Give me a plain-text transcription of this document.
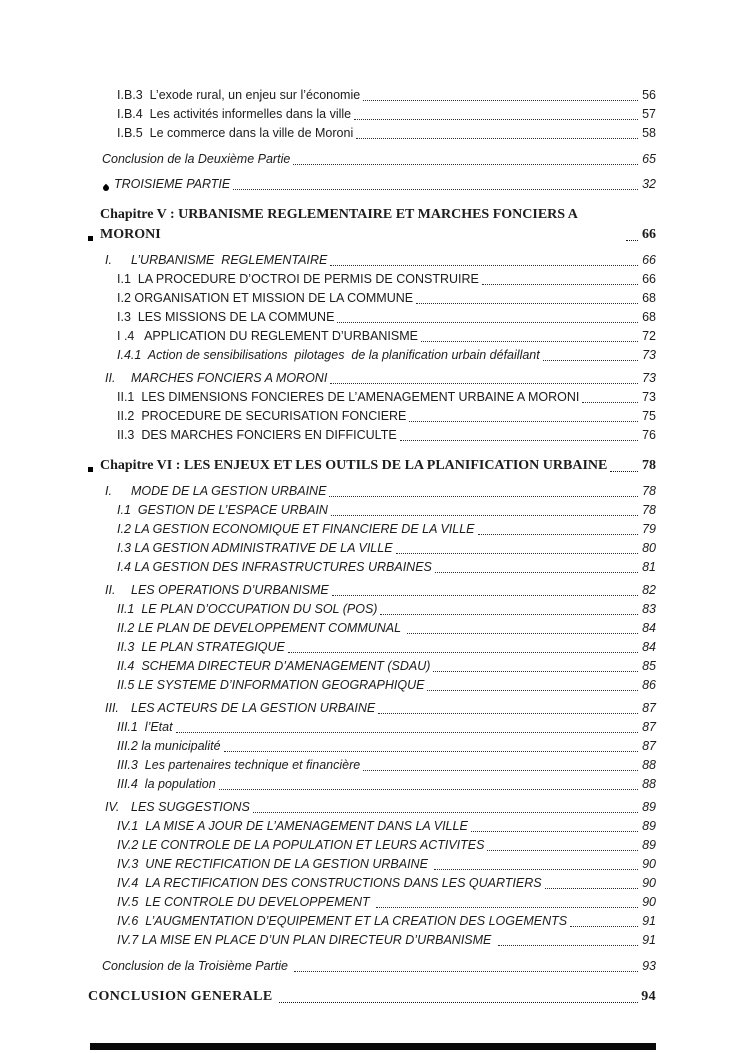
I.B.3  L’exode rural, un enjeu sur l’économie	56
I.B.4  Les activités informelles dans la ville	57
I.B.5  Le commerce dans la ville de Moroni	58
Conclusion de la Deuxième Partie	65
TROISIEME PARTIE	32
Chapitre V : URBANISME REGLEMENTAIRE ET MARCHES FONCIERS A MORONI	66
I.	L’URBANISME  REGLEMENTAIRE	66
I.1  LA PROCEDURE D’OCTROI DE PERMIS DE CONSTRUIRE	66
I.2 ORGANISATION ET MISSION DE LA COMMUNE	68
I.3  LES MISSIONS DE LA COMMUNE	68
I .4   APPLICATION DU REGLEMENT D’URBANISME	72
I.4.1  Action de sensibilisations  pilotages  de la planification urbain défaillant	73
II.	MARCHES FONCIERS A MORONI	73
II.1  LES DIMENSIONS FONCIERES DE L’AMENAGEMENT URBAINE A MORONI	73
II.2  PROCEDURE DE SECURISATION FONCIERE	75
II.3  DES MARCHES FONCIERS EN DIFFICULTE	76
Chapitre VI : LES ENJEUX ET LES OUTILS DE LA PLANIFICATION URBAINE 78
I.	MODE DE LA GESTION URBAINE	78
I.1  GESTION DE L’ESPACE URBAIN	78
I.2 LA GESTION ECONOMIQUE ET FINANCIERE DE LA VILLE	79
I.3 LA GESTION ADMINISTRATIVE DE LA VILLE	80
I.4 LA GESTION DES INFRASTRUCTURES URBAINES	81
II.	LES OPERATIONS D’URBANISME	82
II.1  LE PLAN D’OCCUPATION DU SOL (POS)	83
II.2 LE PLAN DE DEVELOPPEMENT COMMUNAL	84
II.3  LE PLAN STRATEGIQUE	84
II.4  SCHEMA DIRECTEUR D’AMENAGEMENT (SDAU)	85
II.5 LE SYSTEME D’INFORMATION GEOGRAPHIQUE	86
III. LES ACTEURS DE LA GESTION URBAINE	87
III.1  l’Etat	87
III.2 la municipalité	87
III.3  Les partenaires technique et financière	88
III.4  la population	88
IV. LES SUGGESTIONS	89
IV.1  LA MISE A JOUR DE L’AMENAGEMENT DANS LA VILLE	89
IV.2 LE CONTROLE DE LA POPULATION ET LEURS ACTIVITES	89
IV.3  UNE RECTIFICATION DE LA GESTION URBAINE	90
IV.4  LA RECTIFICATION DES CONSTRUCTIONS DANS LES QUARTIERS	90
IV.5  LE CONTROLE DU DEVELOPPEMENT	90
IV.6  L’AUGMENTATION D’EQUIPEMENT ET LA CREATION DES LOGEMENTS	91
IV.7 LA MISE EN PLACE D’UN PLAN DIRECTEUR D’URBANISME	91
Conclusion de la Troisième Partie	93
CONCLUSION GENERALE	94
